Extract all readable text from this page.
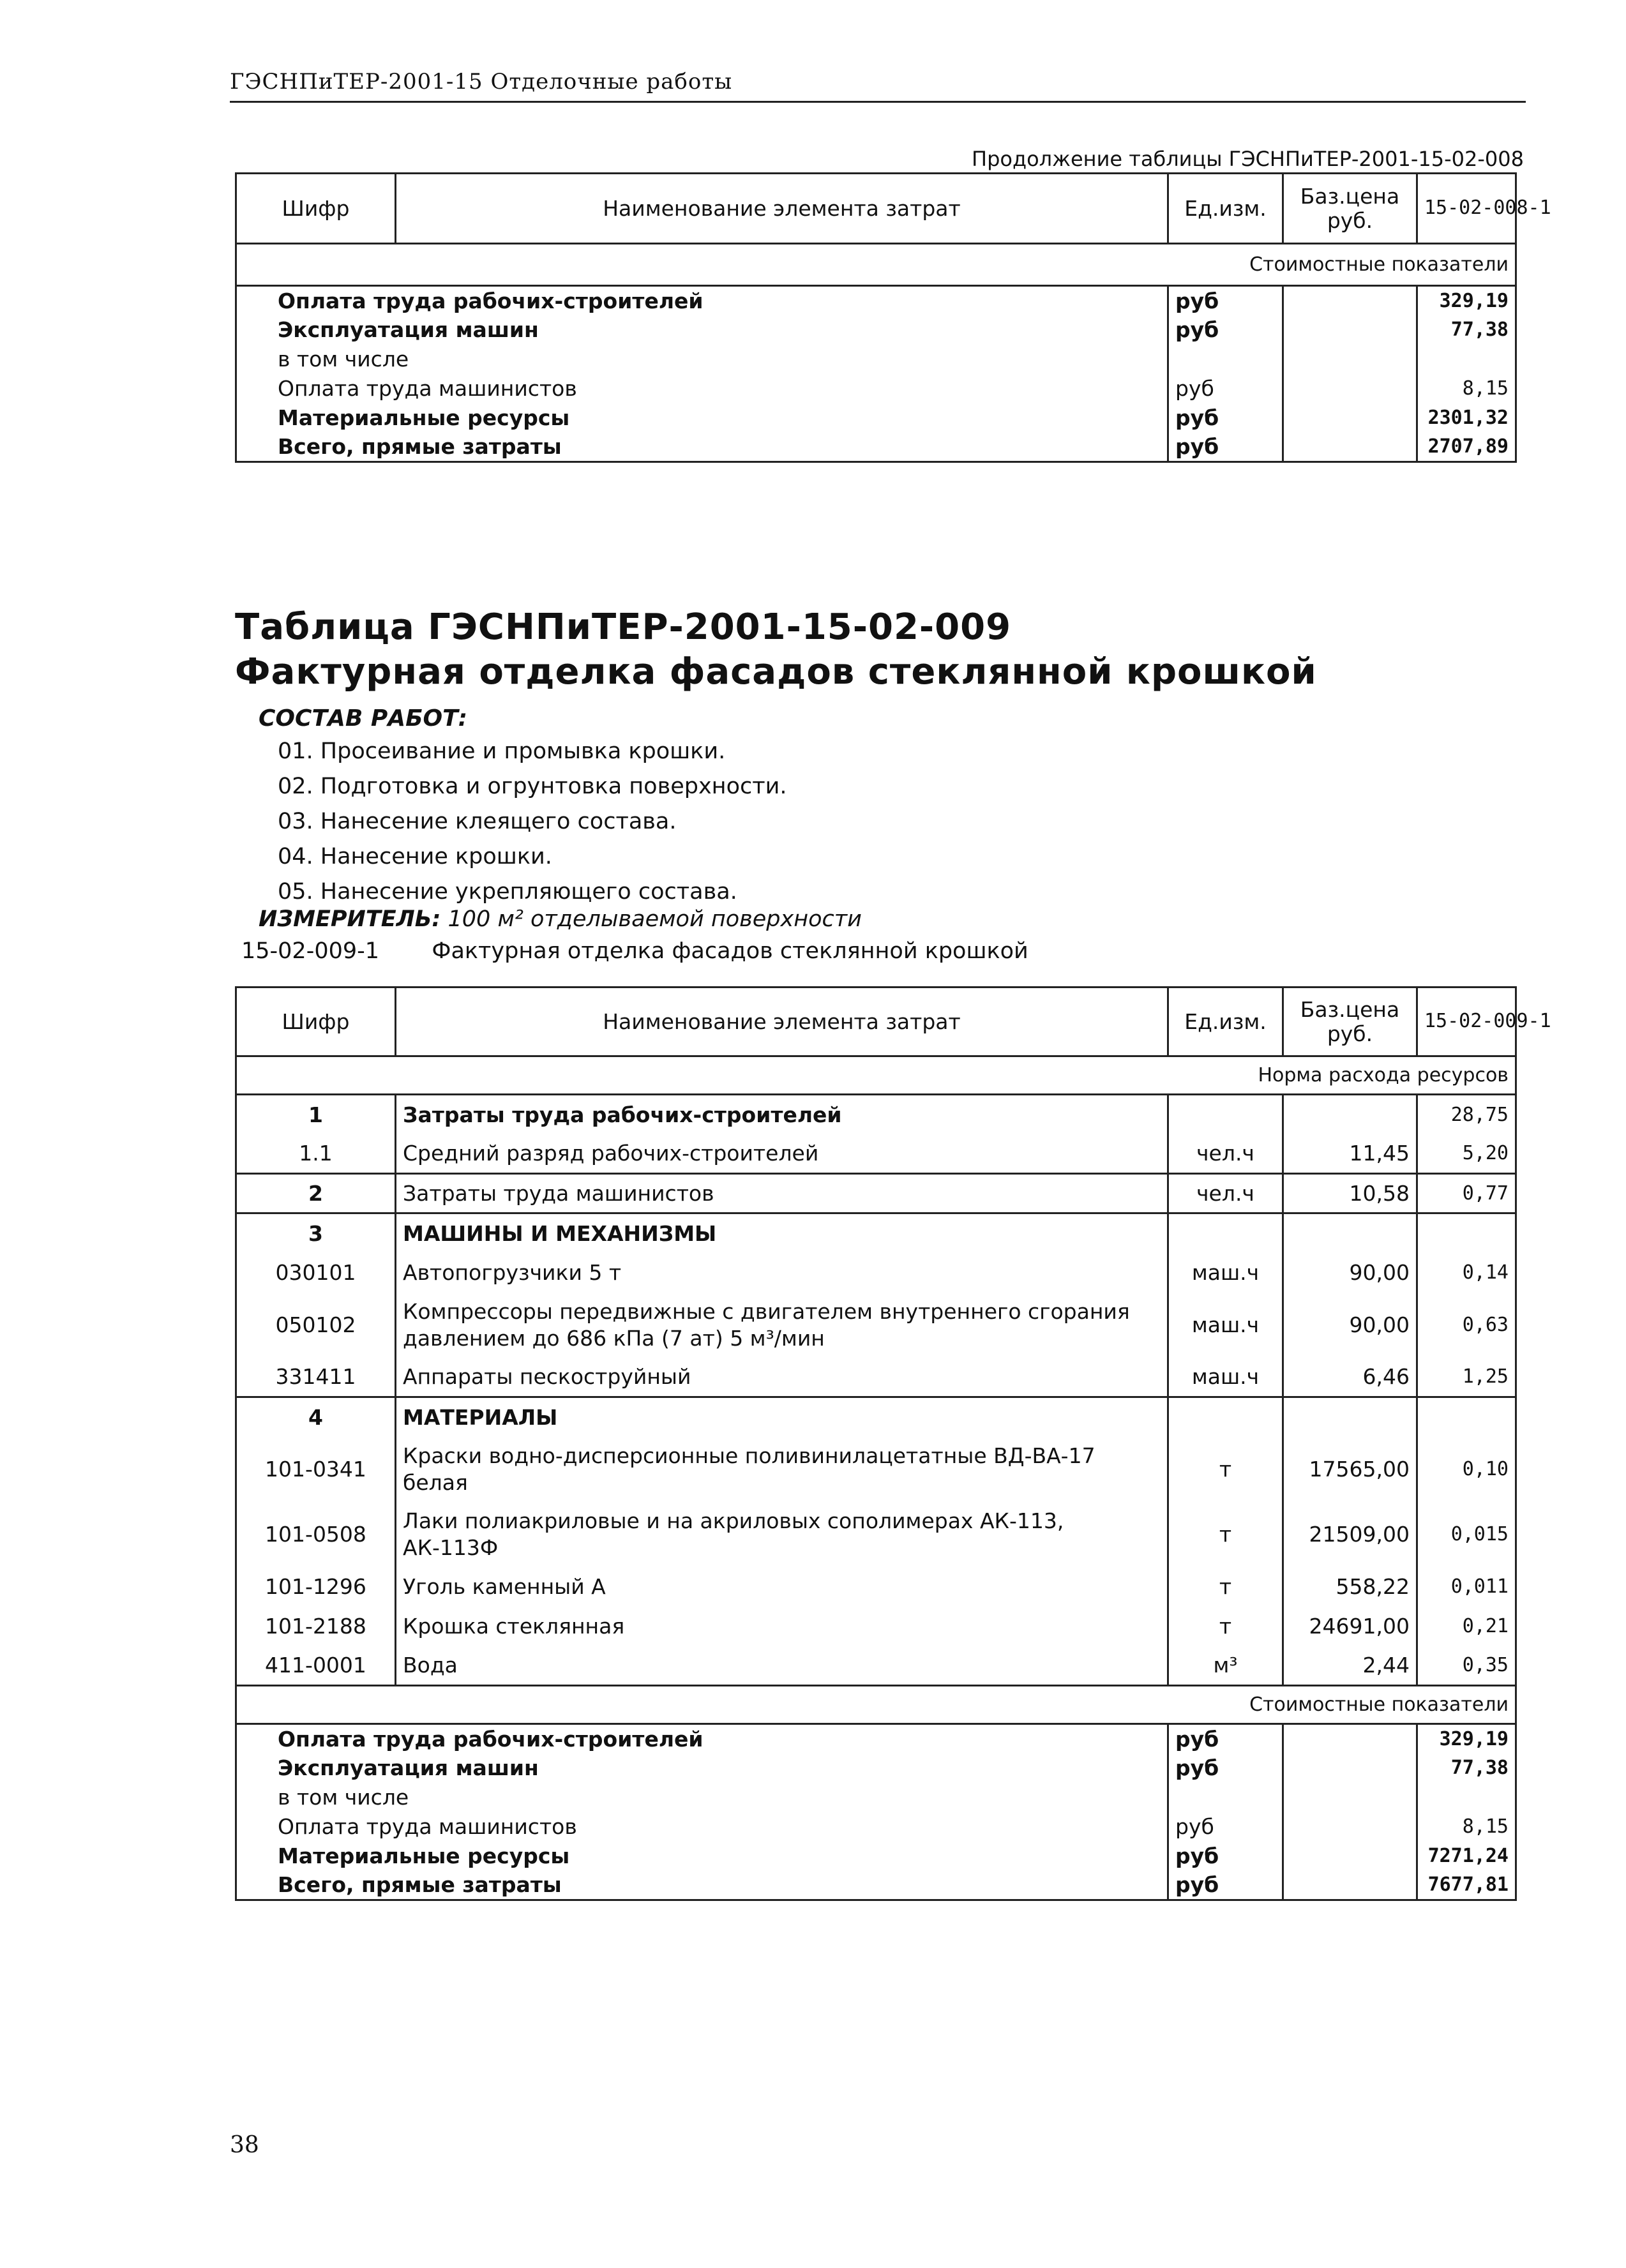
ГЭСНПиТЕР-2001-15 Отделочные работы
Продолжение таблицы ГЭСНПиТЕР-2001-15-02-008
Шифр	Наименование элемента затрат	Ед.изм.	Баз.цена руб.	15-02-008-1
Стоимостные показатели				
Оплата труда рабочих-строителей		руб		329,19
Эксплуатация машин		руб		77,38
в том числе				
Оплата труда машинистов		руб		8,15
Материальные ресурсы		руб		2301,32
Всего, прямые затраты		руб		2707,89
Таблица ГЭСНПиТЕР-2001-15-02-009
Фактурная отделка фасадов стеклянной крошкой
СОСТАВ РАБОТ:
01. Просеивание и промывка крошки.
02. Подготовка и огрунтовка поверхности.
03. Нанесение клеящего состава.
04. Нанесение крошки.
05. Нанесение укрепляющего состава.
ИЗМЕРИТЕЛЬ: 100 м² отделываемой поверхности
15-02-009-1 Фактурная отделка фасадов стеклянной крошкой
Шифр	Наименование элемента затрат	Ед.изм.	Баз.цена руб.	15-02-009-1
Норма расхода ресурсов				
1	Затраты труда рабочих-строителей			28,75
1.1	Средний разряд рабочих-строителей	чел.ч	11,45	5,20
2	Затраты труда машинистов	чел.ч	10,58	0,77
3	МАШИНЫ И МЕХАНИЗМЫ			
030101	Автопогрузчики 5 т	маш.ч	90,00	0,14
050102	Компрессоры передвижные с двигателем внутреннего сгорания давлением до 686 кПа (7 ат) 5 м³/мин	маш.ч	90,00	0,63
331411	Аппараты пескоструйный	маш.ч	6,46	1,25
4	МАТЕРИАЛЫ			
101-0341	Краски водно-дисперсионные поливинилацетатные ВД-ВА-17 белая	т	17565,00	0,10
101-0508	Лаки полиакриловые и на акриловых сополимерах АК-113, АК-113Ф	т	21509,00	0,015
101-1296	Уголь каменный А	т	558,22	0,011
101-2188	Крошка стеклянная	т	24691,00	0,21
411-0001	Вода	м³	2,44	0,35
Стоимостные показатели				
Оплата труда рабочих-строителей		руб		329,19
Эксплуатация машин		руб		77,38
в том числе				
Оплата труда машинистов		руб		8,15
Материальные ресурсы		руб		7271,24
Всего, прямые затраты		руб		7677,81
38
